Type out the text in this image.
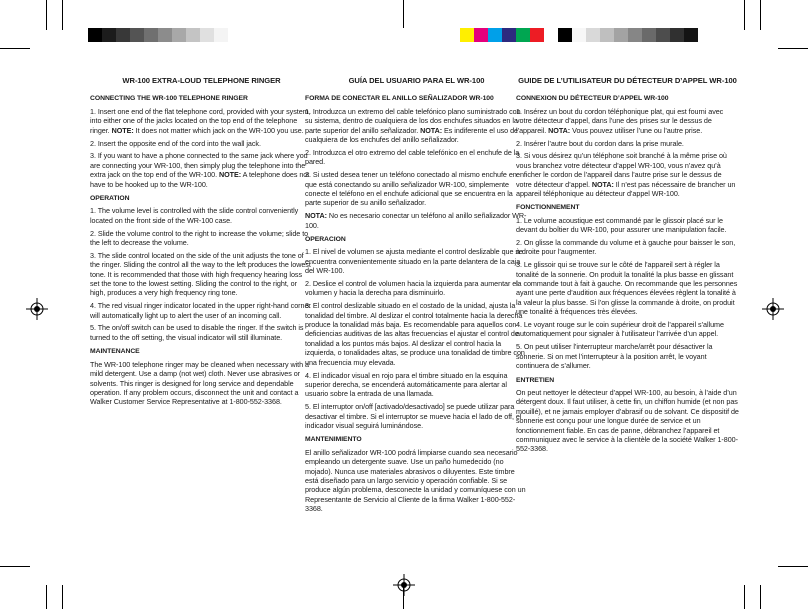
WR-100 EXTRA-LOUD TELEPHONE RINGER
CONNECTING THE WR-100 TELEPHONE RINGER

1. Insert one end of the flat telephone cord, provided with your system, into either one of the jacks located on the top end of the telephone ringer. NOTE: It does not matter which jack on the WR-100 you use.

2. Insert the opposite end of the cord into the wall jack.

3. If you want to have a phone connected to the same jack where you are connecting your WR-100, then simply plug the telephone into the extra jack on the top end of the WR-100. NOTE: A telephone does not have to be hooked up to the WR-100.

OPERATION

1. The volume level is controlled with the slide control conveniently located on the front side of the WR-100 case.

2. Slide the volume control to the right to increase the volume; slide to the left to decrease the volume.

3. The slide control located on the side of the unit adjusts the tone of the ringer. Sliding the control all the way to the left produces the lowest tone. It is recommended that those with high frequency hearing loss set the tone to the lowest setting. Sliding the control to the right, or high, produces a very high frequency ring tone.

4. The red visual ringer indicator located in the upper right-hand corner will automatically light up to alert the user of an incoming call.

5. The on/off switch can be used to disable the ringer. If the switch is turned to the off setting, the visual indicator will still illuminate.

MAINTENANCE

The WR-100 telephone ringer may be cleaned when necessary with a mild detergent. Use a damp (not wet) cloth. Never use abrasives or solvents. This ringer is designed for long service and dependable operation. If any problem occurs, disconnect the unit and contact a Walker Customer Service Representative at 1-800-552-3368.

GUÍA DEL USUARIO PARA EL WR-100
FORMA DE CONECTAR EL ANILLO SEÑALIZADOR WR-100

1. Introduzca un extremo del cable telefónico plano suministrado con su sistema, dentro de cualquiera de los dos enchufes situados en la parte superior del anillo señalizador. NOTA: Es indiferente el uso de cualquiera de los enchufes del anillo señalizador.

2. Introduzca el otro extremo del cable telefónico en el enchufe de la pared.

3. Si usted desea tener un teléfono conectado al mismo enchufe en que está conectando su anillo señalizador WR-100, simplemente conecte el teléfono en el enchufe adicional que se encuentra en la parte superior de su anillo señalizador.

NOTA: No es necesario conectar un teléfono al anillo señalizador WR-100.

OPERACION

1. El nivel de volumen se ajusta mediante el control deslizable que se encuentra convenientemente situado en la parte delantera de la caja del WR-100.

2. Deslice el control de volumen hacia la izquierda para aumentar el volumen y hacia la derecha para disminuirlo.

3. El control deslizable situado en el costado de la unidad, ajusta la tonalidad del timbre. Al deslizar el control totalmente hacia la derecha produce la tonalidad más baja. Es recomendable para aquellos con deficiencias auditivas de las altas frecuencias el ajustar el control de tonalidad a los puntos más bajos. Al deslizar el control hacia la izquierda, o tonalidades altas, se produce una tonalidad de timbre con una frecuencia muy elevada.

4. El indicador visual en rojo para el timbre situado en la esquina superior derecha, se encenderá automáticamente para alertar al usuario sobre la entrada de una llamada.

5. El interruptor on/off [activado/desactivado] se puede utilizar para desactivar el timbre. Si el interruptor se mueve hacia el lado de off, el indicador visual seguirá luminándose.

MANTENIMIENTO

El anillo señalizador WR-100 podrá limpiarse cuando sea necesario empleando un detergente suave. Use un paño humedecido (no mojado). Nunca use materiales abrasivos o diluyentes. Este timbre está diseñado para un largo servicio y operación confiable. Si se produce algún problema, desconecte la unidad y comuníquese con un Representante de Servicio al Cliente de la firma Walker 1-800-552-3368.

GUIDE DE L’UTILISATEUR DU DÉTECTEUR D’APPEL WR-100
CONNEXION DU DÉTECTEUR D’APPEL WR-100

1. Insérez un bout du cordon téléphonique plat, qui est fourni avec votre détecteur d’appel, dans l’une des prises sur le dessus de l’appareil. NOTA: Vous pouvez utiliser l’une ou l’autre prise.

2. Insérer l’autre bout du cordon dans la prise murale.

3. Si vous désirez qu’un téléphone soit branché à la même prise où vous branchez votre détecteur d’appel WR-100, vous n’avez qu’à enficher le cordon de l’appareil dans l’autre prise sur le dessus de votre détecteur d’appel. NOTA: Il n’est pas nécessaire de brancher un appareil téléphonique au détecteur d’appel WR-100.

FONCTIONNEMENT

1. Le volume acoustique est commandé par le glissoir placé sur le devant du boîtier du WR-100, pour assurer une manipulation facile.

2. On glisse la commande du volume et à gauche pour baisser le son, à droite pour l’augmenter.

3. Le glissoir qui se trouve sur le côté de l’appareil sert à régler la tonalité de la sonnerie. On produit la tonalité la plus basse en glissant la commande tout à fait à gauche. On recommande que les personnes ayant une perte d’audition aux fréquences élevées règlent la tonalité à la valeur la plus basse. Si l’on glisse la commande à droite, on produit une tonalité à fréquences très élevées.

4. Le voyant rouge sur le coin supérieur droit de l’appareil s’allume automatiquement pour signaler à l’utilisateur l’arrivée d’un appel.

5. On peut utiliser l’interrupteur marche/arrêt pour désactiver la sonnerie. Si on met l’interrupteur à la position arrêt, le voyant continuera de s’allumer.

ENTRETIEN

On peut nettoyer le détecteur d’appel WR-100, au besoin, à l’aide d’un détergent doux. Il faut utiliser, à cette fin, un chiffon humide (et non pas mouillé), et ne jamais employer d’abrasif ou de solvant. Ce dispositif de sonnerie est conçu pour une longue durée de service et un fonctionnement fiable. En cas de panne, débranchez l’appareil et communiquez avec le service à la clientèle de la société Walker 1-800-552-3368.
